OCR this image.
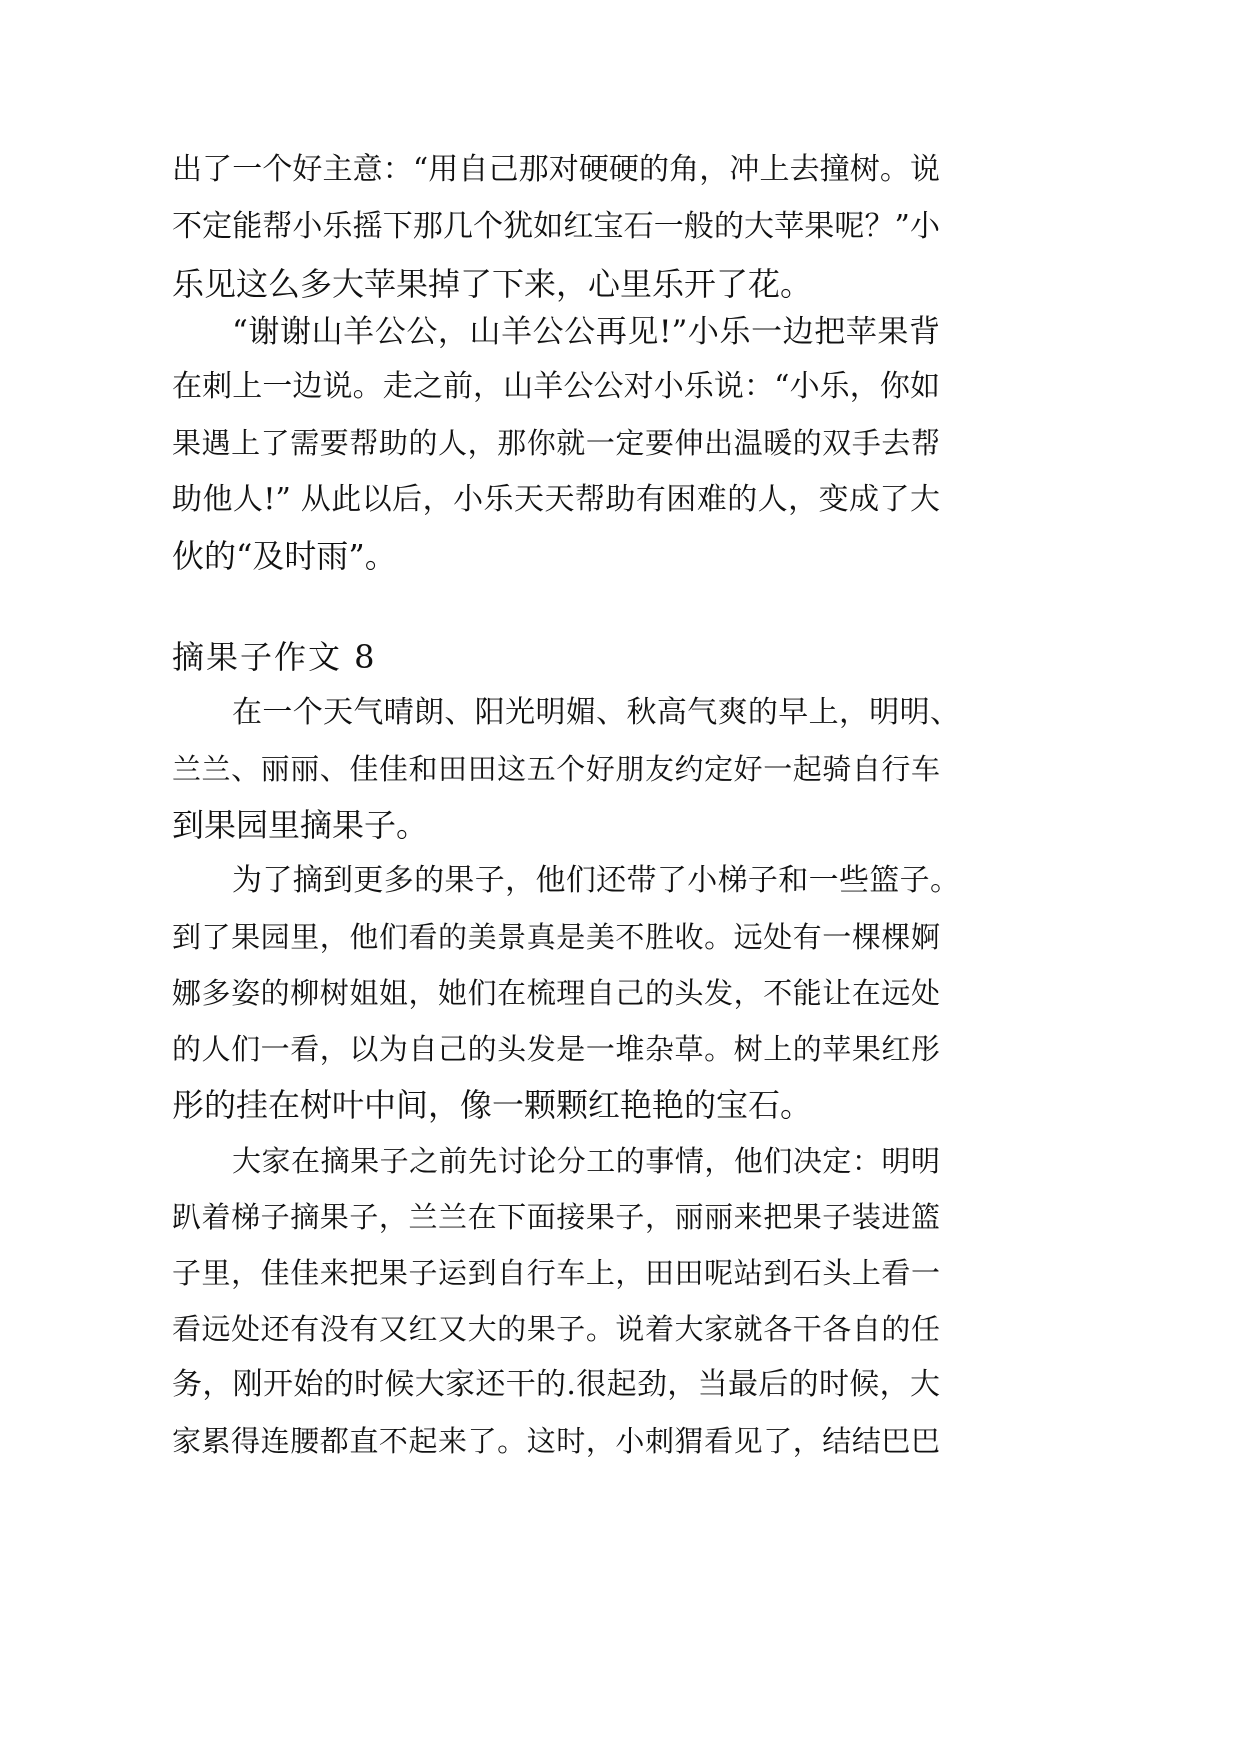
出了一个好主意：“用自己那对硬硬的角，冲上去撞树。说
不定能帮小乐摇下那几个犹如红宝石一般的大苹果呢？”小
乐见这么多大苹果掉了下来，心里乐开了花。
“谢谢山羊公公，山羊公公再见!”小乐一边把苹果背
在刺上一边说。走之前，山羊公公对小乐说：“小乐，你如
果遇上了需要帮助的人，那你就一定要伸出温暖的双手去帮
助他人!” 从此以后，小乐天天帮助有困难的人，变成了大
伙的“及时雨”。
摘果子作文 8
在一个天气晴朗、阳光明媚、秋高气爽的早上，明明、
兰兰、丽丽、佳佳和田田这五个好朋友约定好一起骑自行车
到果园里摘果子。
为了摘到更多的果子，他们还带了小梯子和一些篮子。
到了果园里，他们看的美景真是美不胜收。远处有一棵棵婀
娜多姿的柳树姐姐，她们在梳理自己的头发，不能让在远处
的人们一看，以为自己的头发是一堆杂草。树上的苹果红彤
彤的挂在树叶中间，像一颗颗红艳艳的宝石。
大家在摘果子之前先讨论分工的事情，他们决定：明明
趴着梯子摘果子，兰兰在下面接果子，丽丽来把果子装进篮
子里，佳佳来把果子运到自行车上，田田呢站到石头上看一
看远处还有没有又红又大的果子。说着大家就各干各自的任
务，刚开始的时候大家还干的.很起劲，当最后的时候，大
家累得连腰都直不起来了。这时，小刺猬看见了，结结巴巴
